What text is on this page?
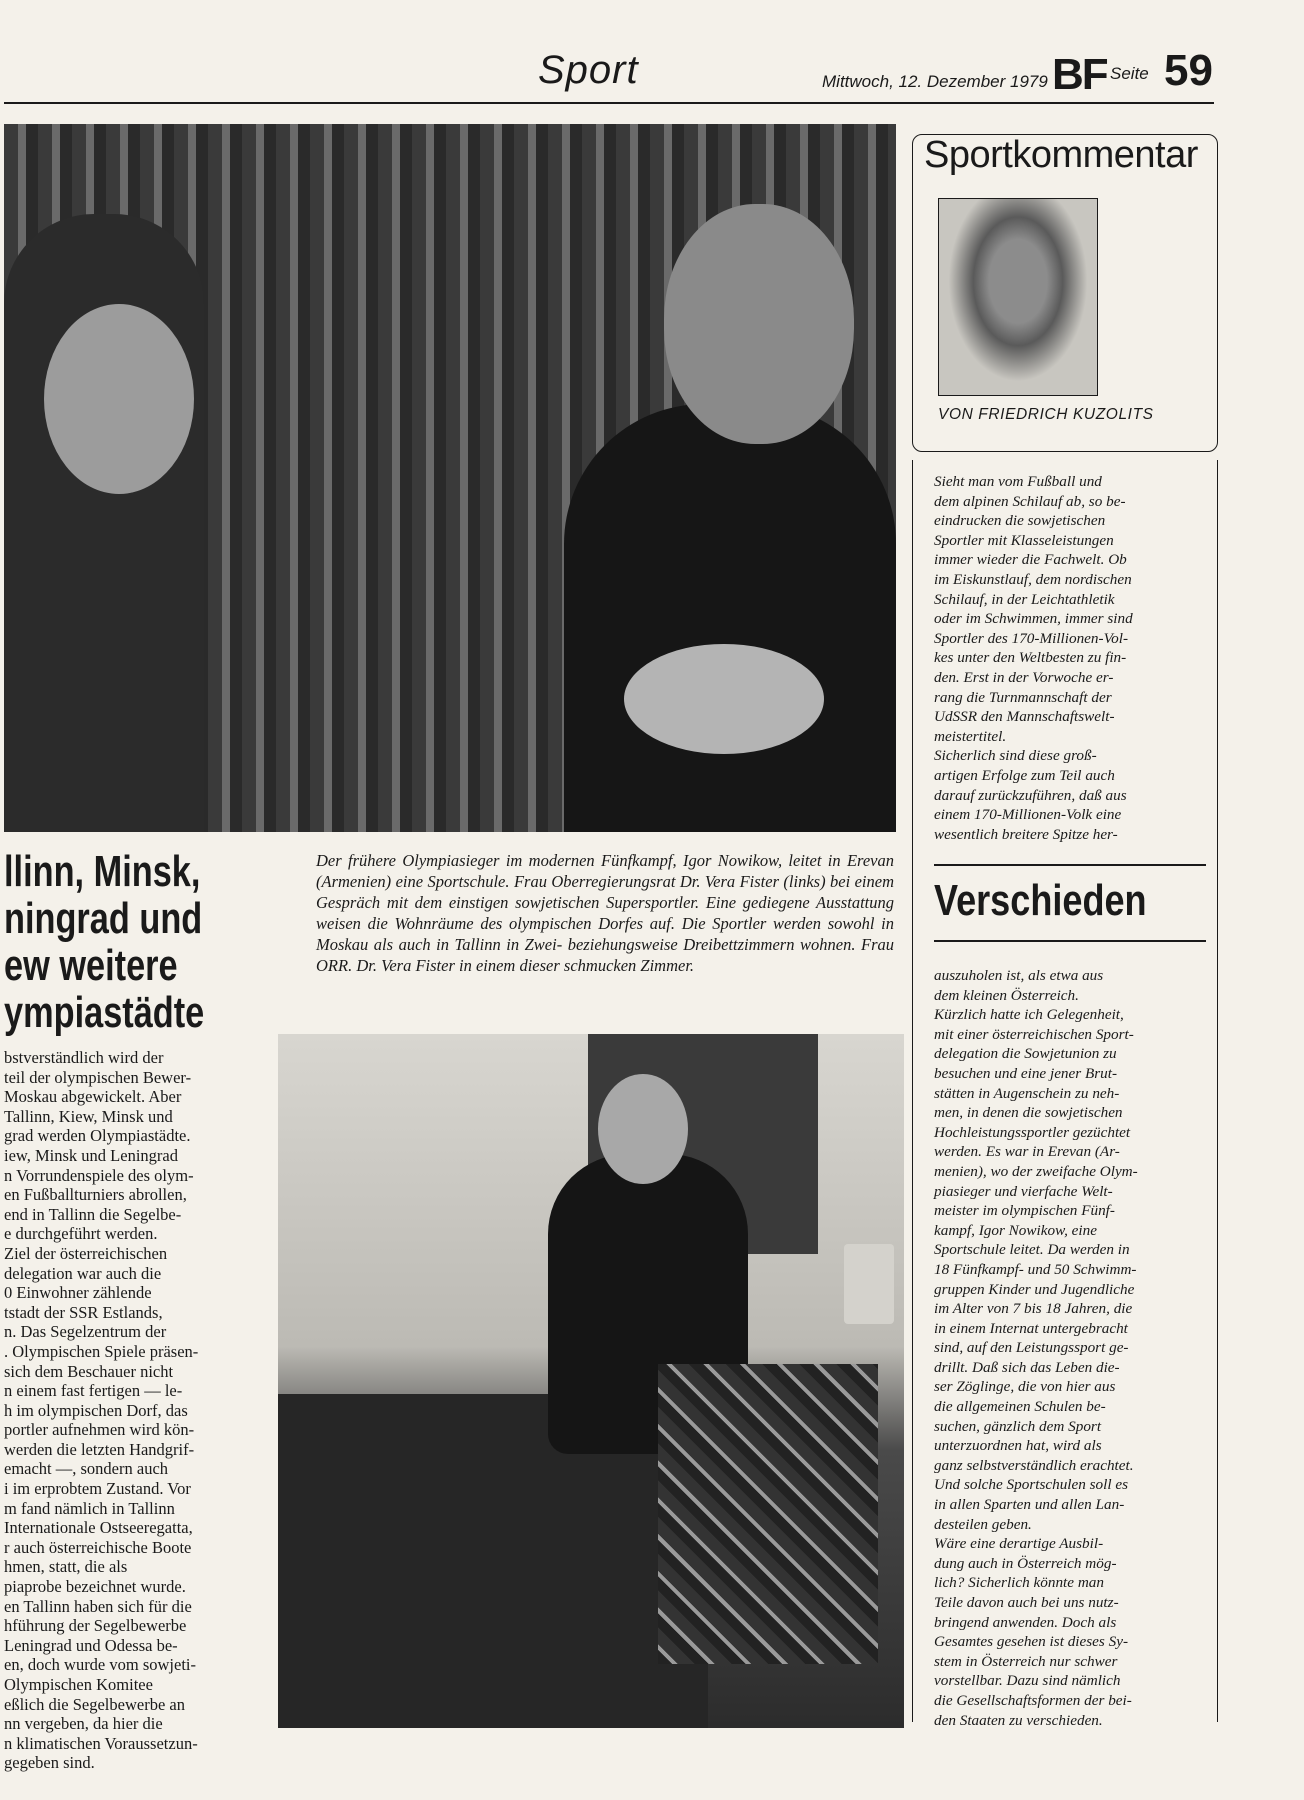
Sport	Mittwoch, 12. Dezember 1979 BF Seite 59
Der frühere Olympiasieger im modernen Fünfkampf, Igor Nowikow, leitet in Erevan (Armenien) eine Sportschule. Frau Oberregierungsrat Dr. Vera Fister (links) bei einem Gespräch mit dem einstigen sowjetischen Supersportler. Eine gediegene Ausstattung weisen die Wohnräume des olympischen Dorfes auf. Die Sportler werden sowohl in Moskau als auch in Tallinn in Zwei- beziehungsweise Dreibettzimmern wohnen. Frau ORR. Dr. Vera Fister in einem dieser schmucken Zimmer.
llinn, Minsk,
ningrad und
ew weitere
ympiastädte
bstverständlich wird der
teil der olympischen Bewer-
Moskau abgewickelt. Aber
Tallinn, Kiew, Minsk und
grad werden Olympiastädte.
iew, Minsk und Leningrad
n Vorrundenspiele des olym-
en Fußballturniers abrollen,
end in Tallinn die Segelbe-
e durchgeführt werden.
Ziel der österreichischen
delegation war auch die
0 Einwohner zählende
tstadt der SSR Estlands,
n. Das Segelzentrum der
. Olympischen Spiele präsen-
sich dem Beschauer nicht
n einem fast fertigen — le-
h im olympischen Dorf, das
portler aufnehmen wird kön-
werden die letzten Handgrif-
emacht —, sondern auch
i im erprobtem Zustand. Vor
m fand nämlich in Tallinn
Internationale Ostseeregatta,
r auch österreichische Boote
hmen, statt, die als
piaprobe bezeichnet wurde.
en Tallinn haben sich für die
hführung der Segelbewerbe
Leningrad und Odessa be-
en, doch wurde vom sowjeti-
Olympischen Komitee
eßlich die Segelbewerbe an
nn vergeben, da hier die
n klimatischen Voraussetzun-
gegeben sind.
Sportkommentar
VON FRIEDRICH KUZOLITS
Sieht man vom Fußball und
dem alpinen Schilauf ab, so be-
eindrucken die sowjetischen
Sportler mit Klasseleistungen
immer wieder die Fachwelt. Ob
im Eiskunstlauf, dem nordischen
Schilauf, in der Leichtathletik
oder im Schwimmen, immer sind
Sportler des 170-Millionen-Vol-
kes unter den Weltbesten zu fin-
den. Erst in der Vorwoche er-
rang die Turnmannschaft der
UdSSR den Mannschaftswelt-
meistertitel.
Sicherlich sind diese groß-
artigen Erfolge zum Teil auch
darauf zurückzuführen, daß aus
einem 170-Millionen-Volk eine
wesentlich breitere Spitze her-
Verschieden
auszuholen ist, als etwa aus
dem kleinen Österreich.
Kürzlich hatte ich Gelegenheit,
mit einer österreichischen Sport-
delegation die Sowjetunion zu
besuchen und eine jener Brut-
stätten in Augenschein zu neh-
men, in denen die sowjetischen
Hochleistungssportler gezüchtet
werden. Es war in Erevan (Ar-
menien), wo der zweifache Olym-
piasieger und vierfache Welt-
meister im olympischen Fünf-
kampf, Igor Nowikow, eine
Sportschule leitet. Da werden in
18 Fünfkampf- und 50 Schwimm-
gruppen Kinder und Jugendliche
im Alter von 7 bis 18 Jahren, die
in einem Internat untergebracht
sind, auf den Leistungssport ge-
drillt. Daß sich das Leben die-
ser Zöglinge, die von hier aus
die allgemeinen Schulen be-
suchen, gänzlich dem Sport
unterzuordnen hat, wird als
ganz selbstverständlich erachtet.
Und solche Sportschulen soll es
in allen Sparten und allen Lan-
desteilen geben.
Wäre eine derartige Ausbil-
dung auch in Österreich mög-
lich? Sicherlich könnte man
Teile davon auch bei uns nutz-
bringend anwenden. Doch als
Gesamtes gesehen ist dieses Sy-
stem in Österreich nur schwer
vorstellbar. Dazu sind nämlich
die Gesellschaftsformen der bei-
den Staaten zu verschieden.
